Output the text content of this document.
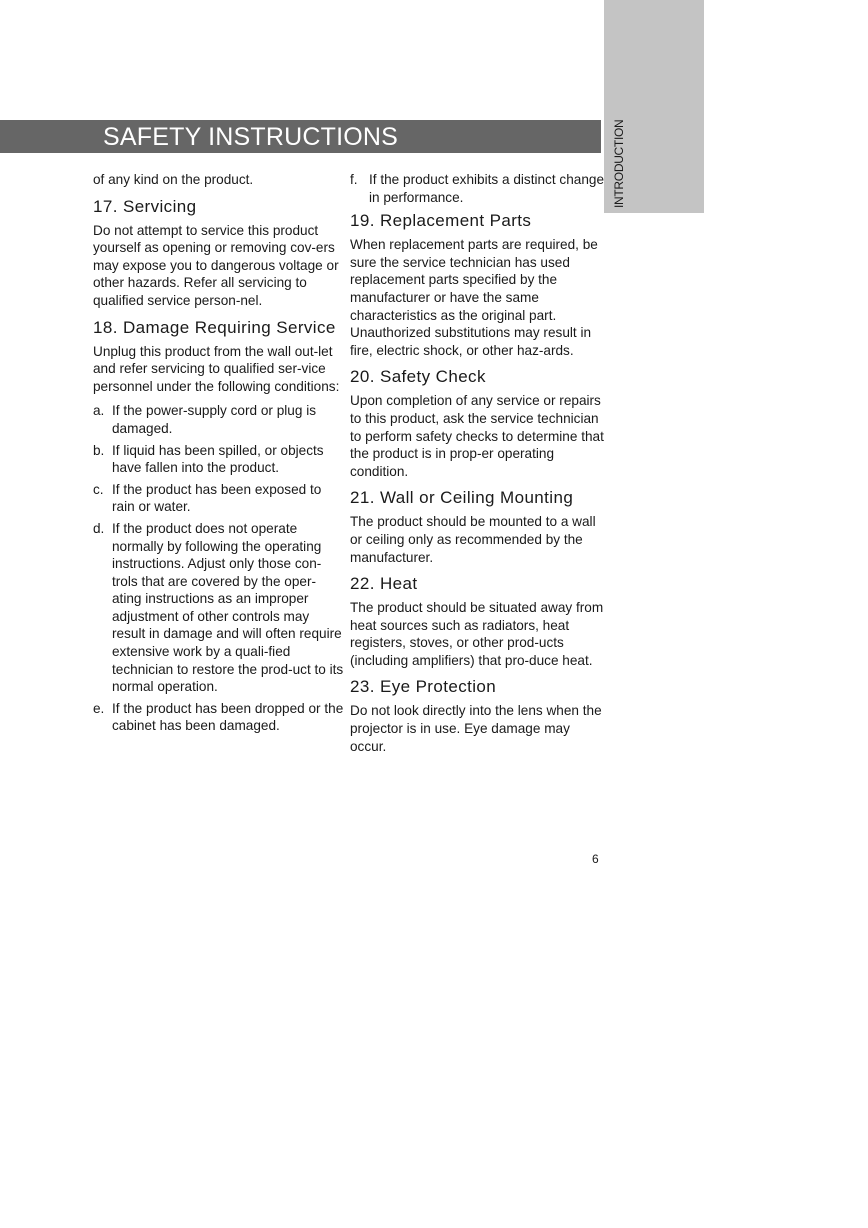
INTRODUCTION
SAFETY INSTRUCTIONS

of any kind on the product.

17. Servicing

Do not attempt to service this product yourself as opening or removing cov-ers may expose you to dangerous voltage or other hazards. Refer all servicing to qualified service person-nel.

18. Damage Requiring Service

Unplug this product from the wall out-let and refer servicing to qualified ser-vice personnel under the following conditions:

a. If the power-supply cord or plug is damaged.
b. If liquid has been spilled, or objects have fallen into the product.
c. If the product has been exposed to rain or water.
d. If the product does not operate normally by following the operating instructions. Adjust only those con-trols that are covered by the oper-ating instructions as an improper adjustment of other controls may result in damage and will often require extensive work by a quali-fied technician to restore the prod-uct to its normal operation.
e. If the product has been dropped or the cabinet has been damaged.
f. If the product exhibits a distinct change in performance.
19. Replacement Parts

When replacement parts are required, be sure the service technician has used replacement parts specified by the manufacturer or have the same characteristics as the original part. Unauthorized substitutions may result in fire, electric shock, or other haz-ards.

20. Safety Check

Upon completion of any service or repairs to this product, ask the service technician to perform safety checks to determine that the product is in prop-er operating condition.

21. Wall or Ceiling Mounting

The product should be mounted to a wall or ceiling only as recommended by the manufacturer.

22. Heat

The product should be situated away from heat sources such as radiators, heat registers, stoves, or other prod-ucts (including amplifiers) that pro-duce heat.

23. Eye Protection

Do not look directly into the lens when the projector is in use. Eye damage may occur.

6
